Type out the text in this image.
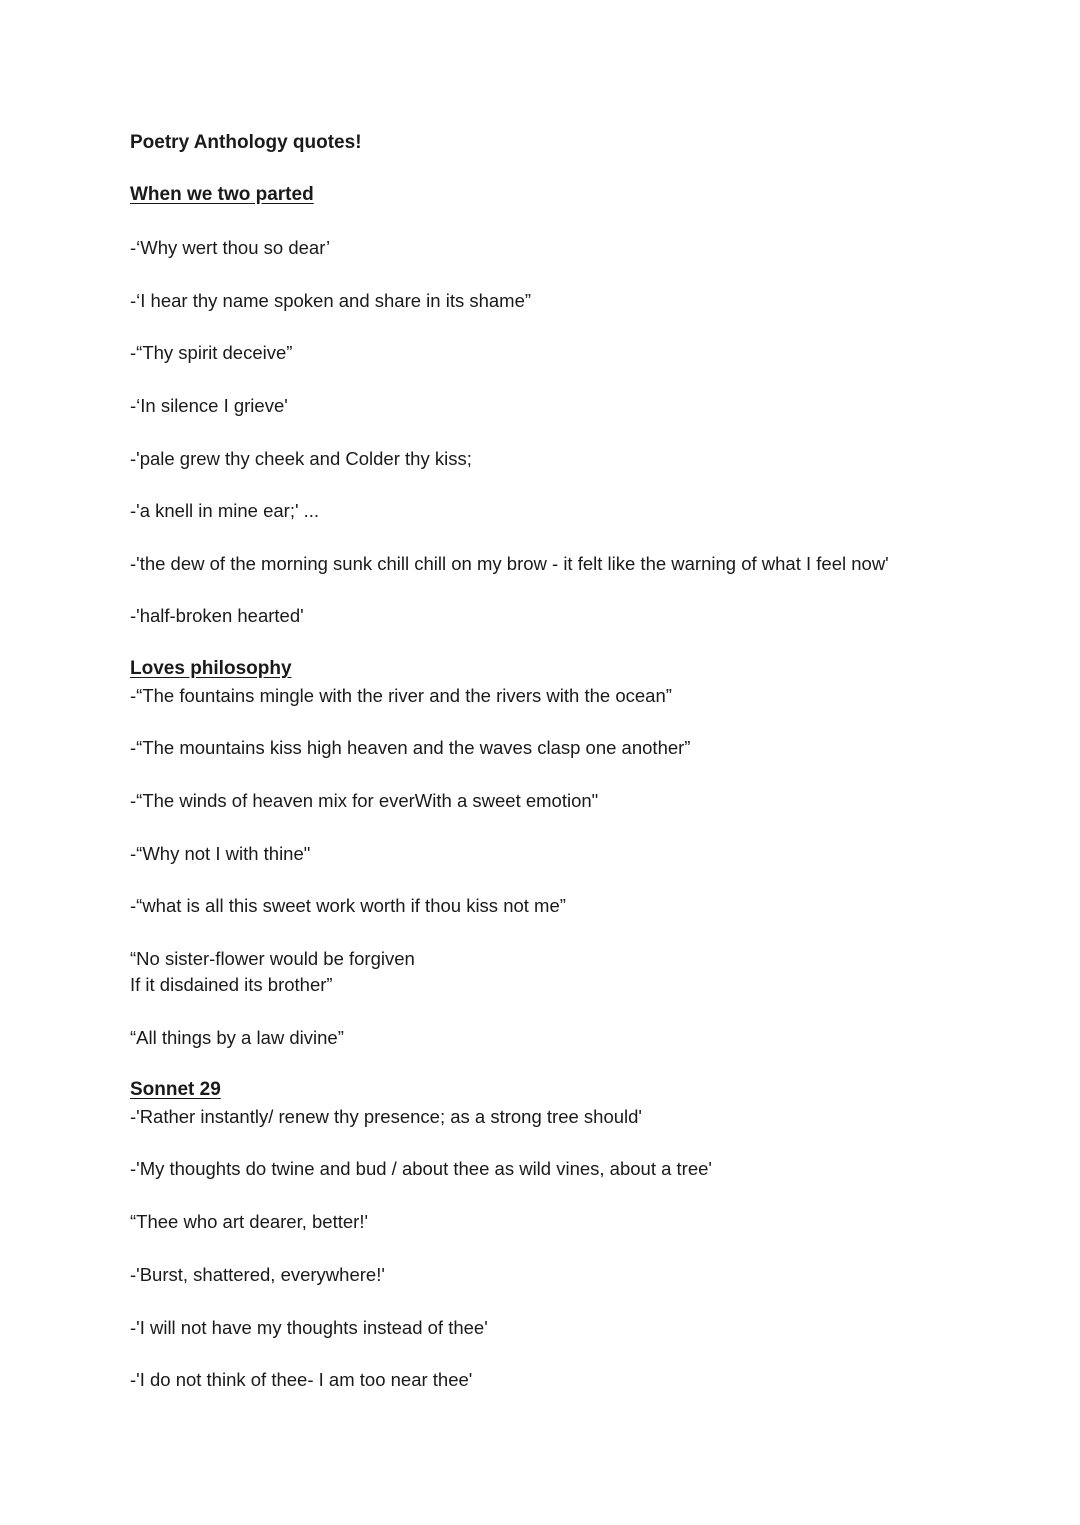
Poetry Anthology quotes!
When we two parted
-‘Why wert thou so dear’
-‘I hear thy name spoken and share in its shame”
-“Thy spirit deceive”
-‘In silence I grieve'
-'pale grew thy cheek and Colder thy kiss;
-'a knell in mine ear;' ...
-'the dew of the morning sunk chill chill on my brow - it felt like the warning of what I feel now'
-'half-broken hearted'
Loves philosophy
-“The fountains mingle with the river and the rivers with the ocean”
-“The mountains kiss high heaven and the waves clasp one another”
-“The winds of heaven mix for everWith a sweet emotion"
-“Why not I with thine"
-“what is all this sweet work worth if thou kiss not me”
“No sister-flower would be forgiven
If it disdained its brother”
“All things by a law divine”
Sonnet 29
-'Rather instantly/ renew thy presence; as a strong tree should'
-'My thoughts do twine and bud / about thee as wild vines, about a tree'
“Thee who art dearer, better!'
-'Burst, shattered, everywhere!'
-'I will not have my thoughts instead of thee'
-'I do not think of thee- I am too near thee'
